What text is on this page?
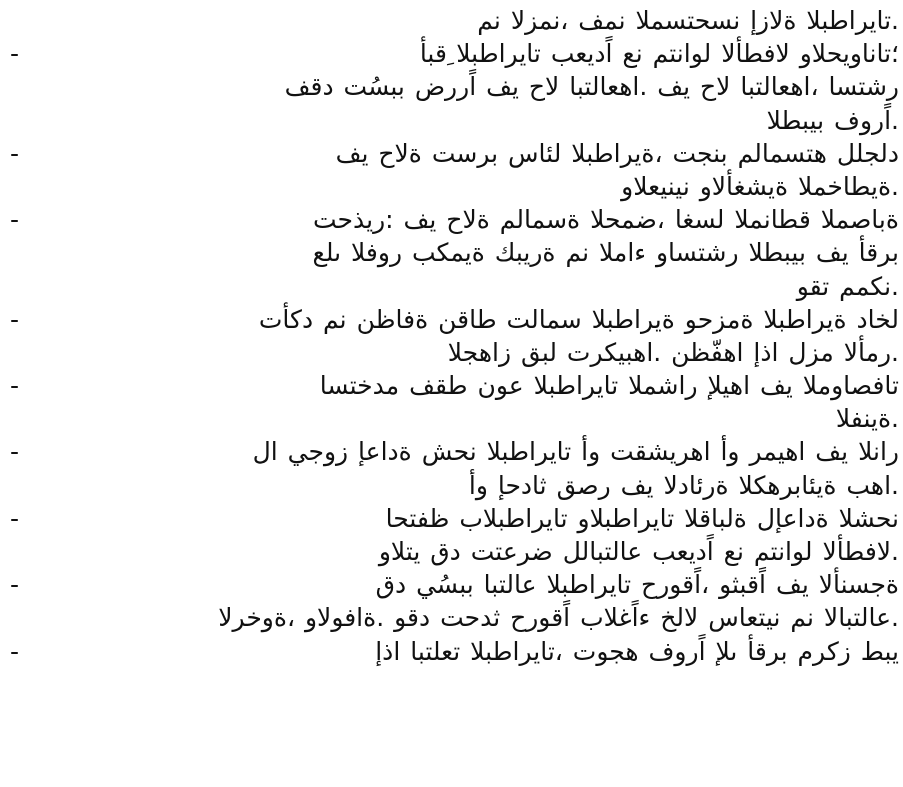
.تايراطبلا ةلازإ نسحتسملا نمف ،نمزلا نم
؛تاناويحلاو لافطألا لوانتم نع اًديعب تايراطبلا ِقبأ
-
رشتسا ،اهعالتبا لاح يف .اهعالتبا لاح يف اًررض ببسُت دقف
.اًروف بيبطلا
دلجلل هتسمالم بنجت ،ةيراطبلا لئاس برست ةلاح يف
-
.ةيطاخملا ةيشغألاو نينيعلاو
ةباصملا قطانملا لسغا ،ضمحلا ةسمالم ةلاح يف :ريذحت
-
برقأ يف بيبطلا رشتساو ءاملا نم ةريبك ةيمكب روفلا ىلع
.نكمم تقو
لخاد ةيراطبلا ةمزحو ةيراطبلا سمالت طاقن ةفاظن نم دكأت
-
.رمألا مزل اذإ اهفّظن .اهبيكرت لبق زاهجلا
تافصاوملا يف اهيلإ راشملا تايراطبلا عون طقف مدختسا
-
.ةينفلا
رانلا يف اهيمر وأ اهريشقت وأ تايراطبلا نحش ةداعإ زوجي ال
-
.اهب ةيئابرهكلا ةرئادلا يف رصق ثادحإ وأ
نحشلا ةداعإل ةلباقلا تايراطبلاو تايراطبلاب ظفتحا
-
.لافطألا لوانتم نع اًديعب عالتبالل ضرعتت دق يتلاو
ةجسنألا يف اًقبثو ،اًقورح تايراطبلا عالتبا ببسُي دق
-
.عالتبالا نم نيتعاس لالخ ءاًغلاب اًقورح ثدحت دقو .ةافولاو ،ةوخرلا
يبط زكرم برقأ ىلإ اًروف هجوت ،تايراطبلا تعلتبا اذإ
-
